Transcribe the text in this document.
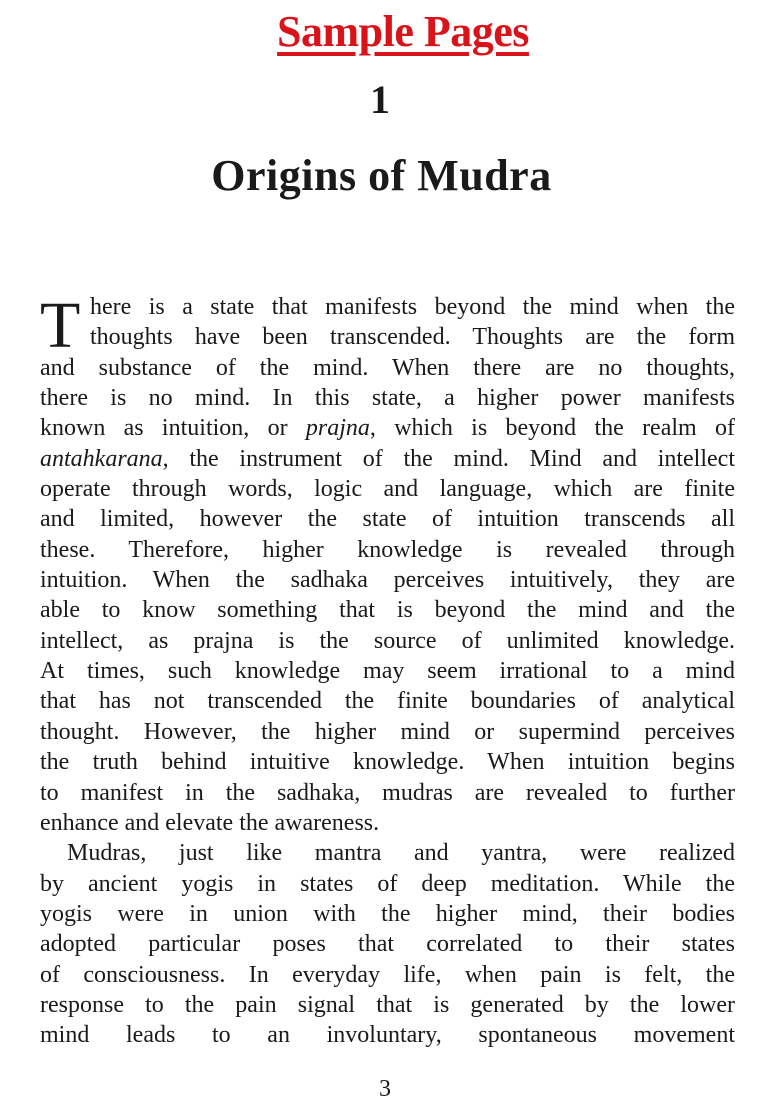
Sample Pages
1
Origins of Mudra
T here is a state that manifests beyond the mind when the
thoughts have been transcended. Thoughts are the form
and substance of the mind. When there are no thoughts,
there is no mind. In this state, a higher power manifests
known as intuition, or prajna, which is beyond the realm of
antahkarana, the instrument of the mind. Mind and intellect
operate through words, logic and language, which are finite
and limited, however the state of intuition transcends all
these. Therefore, higher knowledge is revealed through
intuition. When the sadhaka perceives intuitively, they are
able to know something that is beyond the mind and the
intellect, as prajna is the source of unlimited knowledge.
At times, such knowledge may seem irrational to a mind
that has not transcended the finite boundaries of analytical
thought. However, the higher mind or supermind perceives
the truth behind intuitive knowledge. When intuition begins
to manifest in the sadhaka, mudras are revealed to further
enhance and elevate the awareness.
Mudras, just like mantra and yantra, were realized
by ancient yogis in states of deep meditation. While the
yogis were in union with the higher mind, their bodies
adopted particular poses that correlated to their states
of consciousness. In everyday life, when pain is felt, the
response to the pain signal that is generated by the lower
mind leads to an involuntary, spontaneous movement
3
